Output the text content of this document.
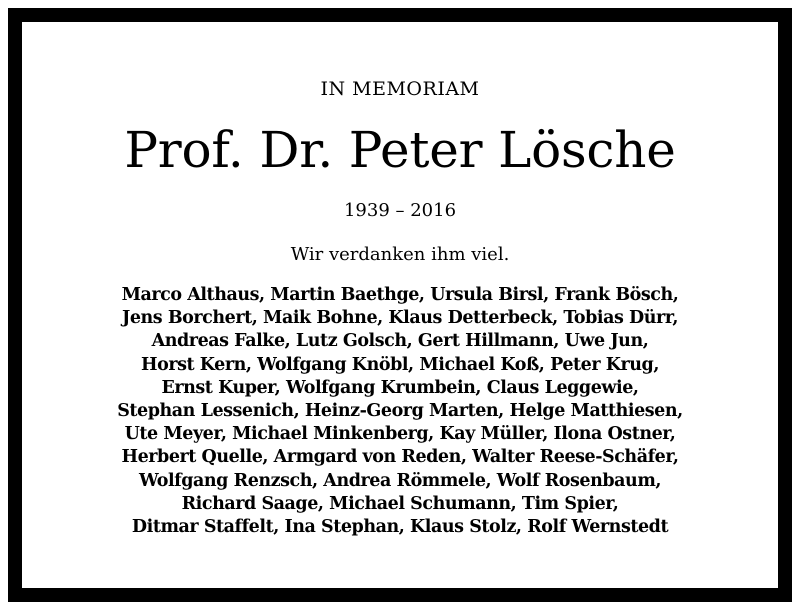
IN MEMORIAM
Prof. Dr. Peter Lösche
1939 – 2016
Wir verdanken ihm viel.
Marco Althaus, Martin Baethge, Ursula Birsl, Frank Bösch,
Jens Borchert, Maik Bohne, Klaus Detterbeck, Tobias Dürr,
Andreas Falke, Lutz Golsch, Gert Hillmann, Uwe Jun,
Horst Kern, Wolfgang Knöbl, Michael Koß, Peter Krug,
Ernst Kuper, Wolfgang Krumbein, Claus Leggewie,
Stephan Lessenich, Heinz-Georg Marten, Helge Matthiesen,
Ute Meyer, Michael Minkenberg, Kay Müller, Ilona Ostner,
Herbert Quelle, Armgard von Reden, Walter Reese-Schäfer,
Wolfgang Renzsch, Andrea Römmele, Wolf Rosenbaum,
Richard Saage, Michael Schumann, Tim Spier,
Ditmar Staffelt, Ina Stephan, Klaus Stolz, Rolf Wernstedt
